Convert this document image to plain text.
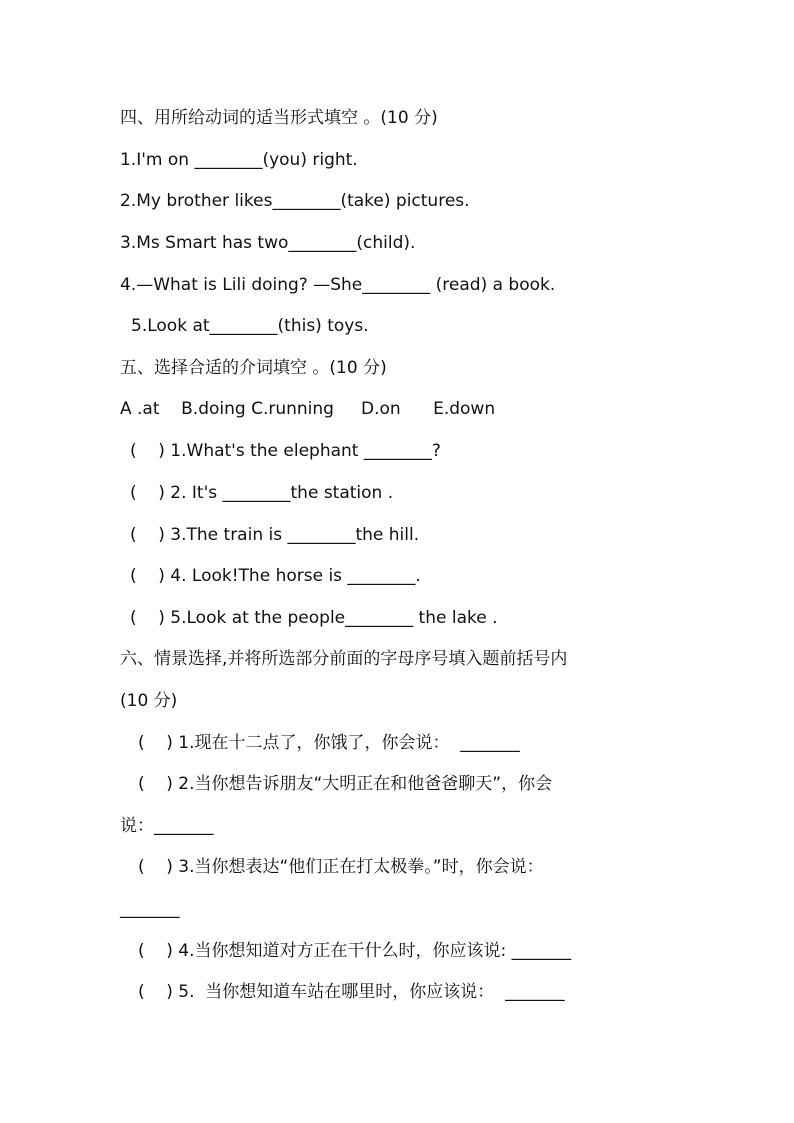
四、用所给动词的适当形式填空 。(10 分)
1.I'm on ________(you) right.
2.My brother likes________(take) pictures.
3.Ms Smart has two________(child).
4.—What is Lili doing? —She________ (read) a book.
5.Look at________(this) toys.
五、选择合适的介词填空 。(10 分)
A .at    B.doing C.running     D.on      E.down
(    ) 1.What's the elephant ________?
(    ) 2. It's ________the station .
(    ) 3.The train is ________the hill.
(    ) 4. Look!The horse is ________.
(    ) 5.Look at the people________ the lake .
六、情景选择,并将所选部分前面的字母序号填入题前括号内
(10 分)
(    ) 1.现在十二点了，你饿了，你会说：  _______
(    ) 2.当你想告诉朋友“大明正在和他爸爸聊天”，你会
说：_______
(    ) 3.当你想表达“他们正在打太极拳。”时，你会说：
_______
(    ) 4.当你想知道对方正在干什么时，你应该说: _______
(    ) 5.  当你想知道车站在哪里时，你应该说：  _______
